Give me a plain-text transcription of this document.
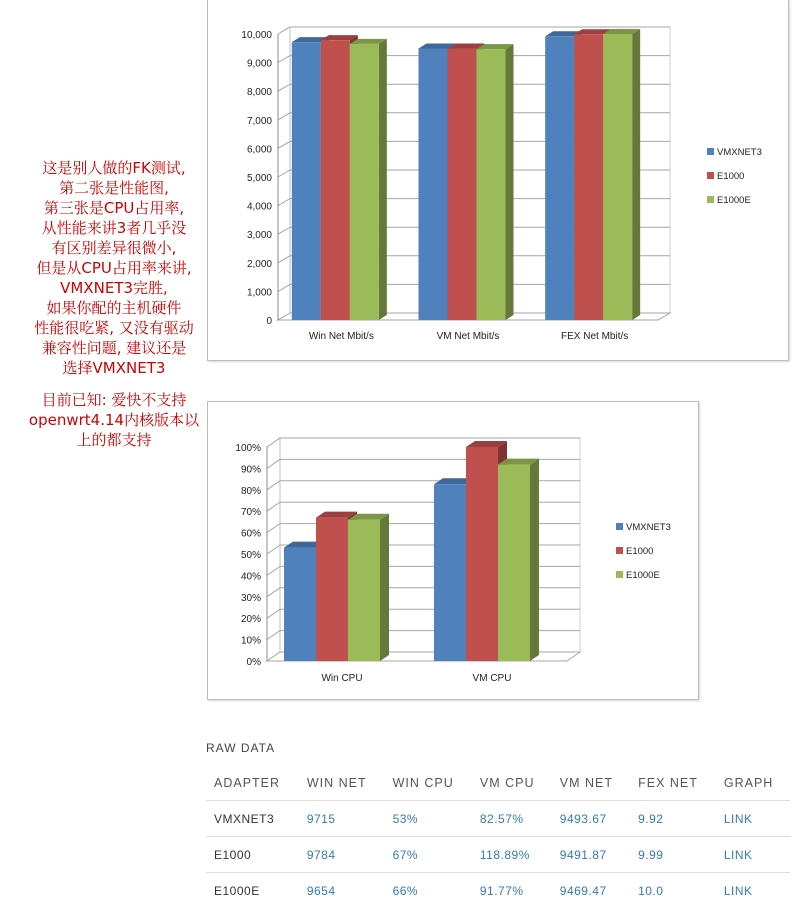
0
1,000
2,000
3,000
4,000
5,000
6,000
7,000
8,000
9,000
10,000
Win Net Mbit/s	VM Net Mbit/s	FEX Net Mbit/s
VMXNET3
E1000
E1000E
0%
10%
20%
30%
40%
50%
60%
70%
80%
90%
100%
Win CPU	VM CPU
VMXNET3
E1000
E1000E
这是别人做的FK测试,
第二张是性能图,
第三张是CPU占用率,
从性能来讲3者几乎没
有区别差异很微小,
但是从CPU占用率来讲,
VMXNET3完胜,
如果你配的主机硬件
性能很吃紧, 又没有驱动
兼容性问题, 建议还是
选择VMXNET3
目前已知: 爱快不支持
openwrt4.14内核版本以
上的都支持
RAW DATA
ADAPTER	WIN NET	WIN CPU	VM CPU	VM NET	FEX NET	GRAPH
VMXNET3	9715	53%	82.57%	9493.67	9.92	LINK
E1000	9784	67%	118.89%	9491.87	9.99	LINK
E1000E	9654	66%	91.77%	9469.47	10.0	LINK
